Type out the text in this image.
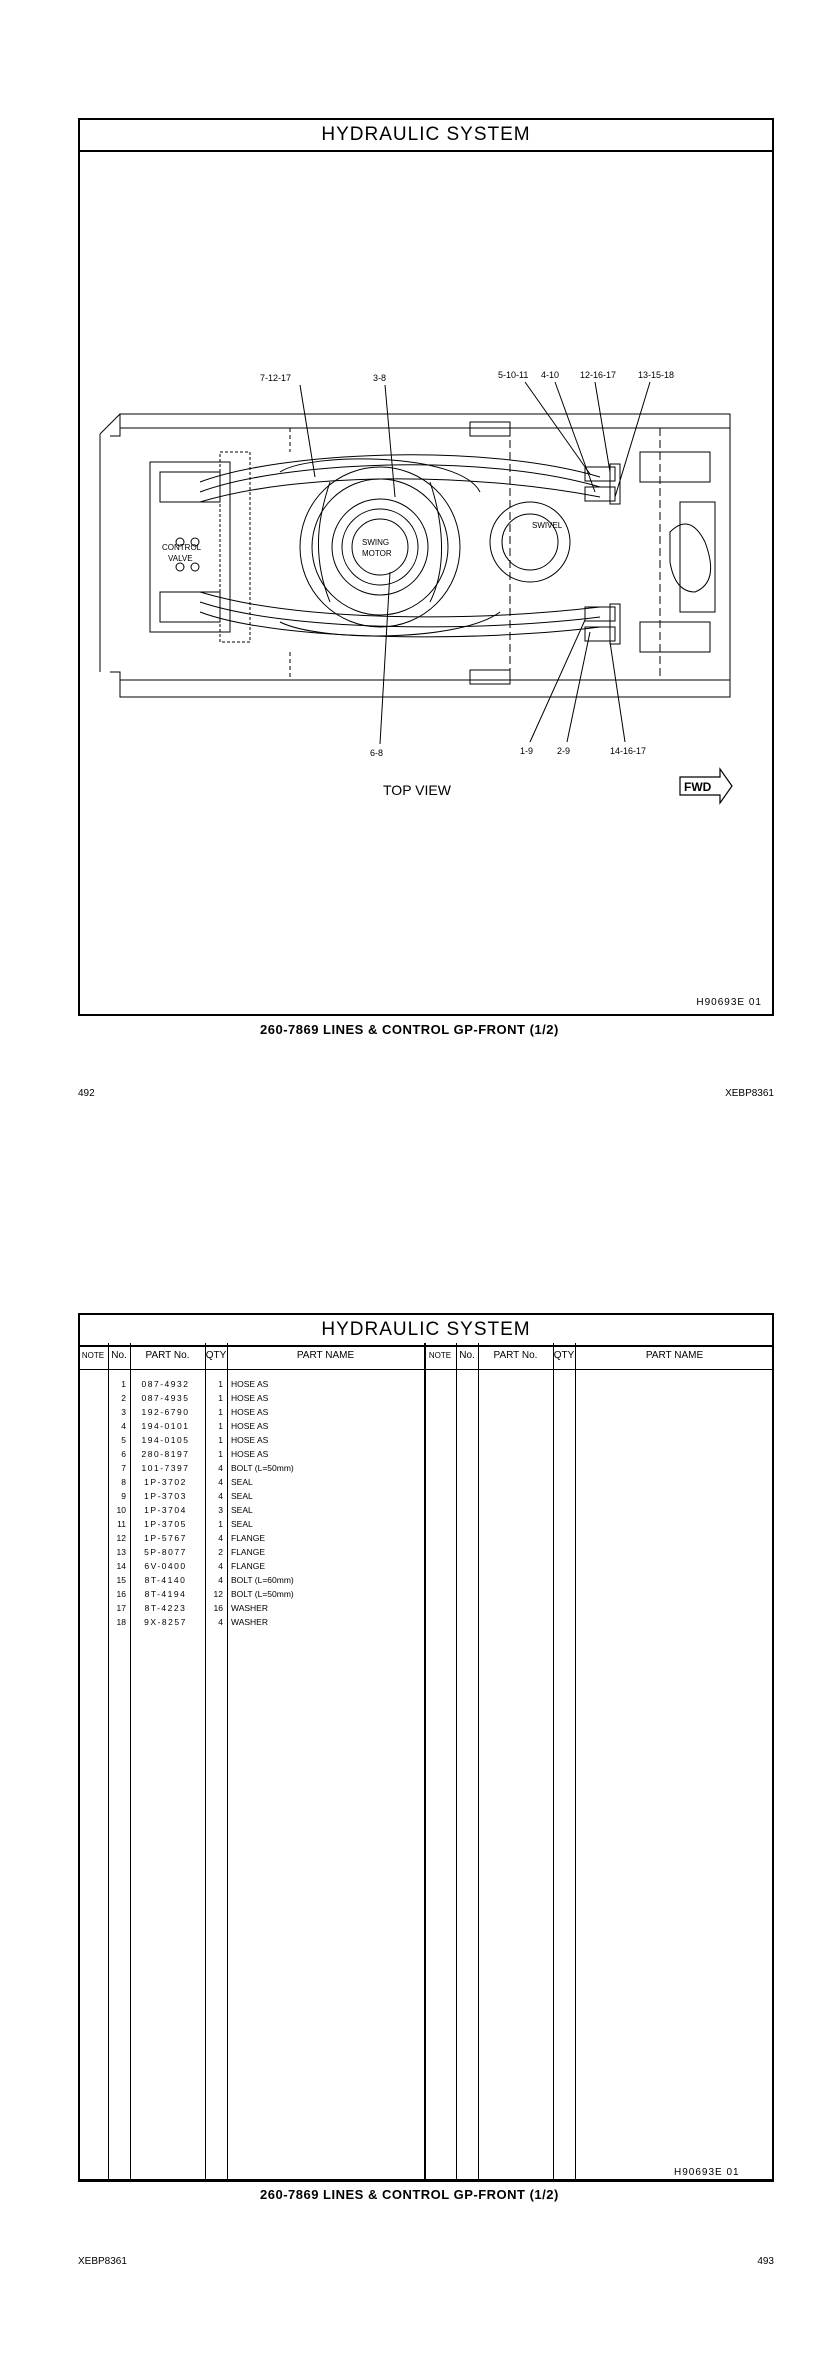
HYDRAULIC SYSTEM
7-12-17	3-8	5-10-11 4-10 12-16-17 13-15-18
6-8	1-9	2-9	14-16-17
CONTROL
VALVE
SWING
MOTOR
SWIVEL
TOP VIEW	FWD
H90693E 01
260-7869 LINES & CONTROL GP-FRONT (1/2)
492	XEBP8361
HYDRAULIC SYSTEM
NOTE No.	PART No.	QTY	PART NAME	NOTE No.	PART No.	QTY	PART NAME
1	087-4932	1 HOSE AS
2	087-4935	1 HOSE AS
3	192-6790	1 HOSE AS
4	194-0101	1 HOSE AS
5	194-0105	1 HOSE AS
6	280-8197	1 HOSE AS
7	101-7397	4 BOLT (L=50mm)
8	1P-3702	4 SEAL
9	1P-3703	4 SEAL
10	1P-3704	3 SEAL
11	1P-3705	1 SEAL
12	1P-5767	4 FLANGE
13	5P-8077	2 FLANGE
14	6V-0400	4 FLANGE
15	8T-4140	4 BOLT (L=60mm)
16	8T-4194	12 BOLT (L=50mm)
17	8T-4223	16 WASHER
18	9X-8257	4 WASHER
H90693E 01
260-7869 LINES & CONTROL GP-FRONT (1/2)
XEBP8361	493
